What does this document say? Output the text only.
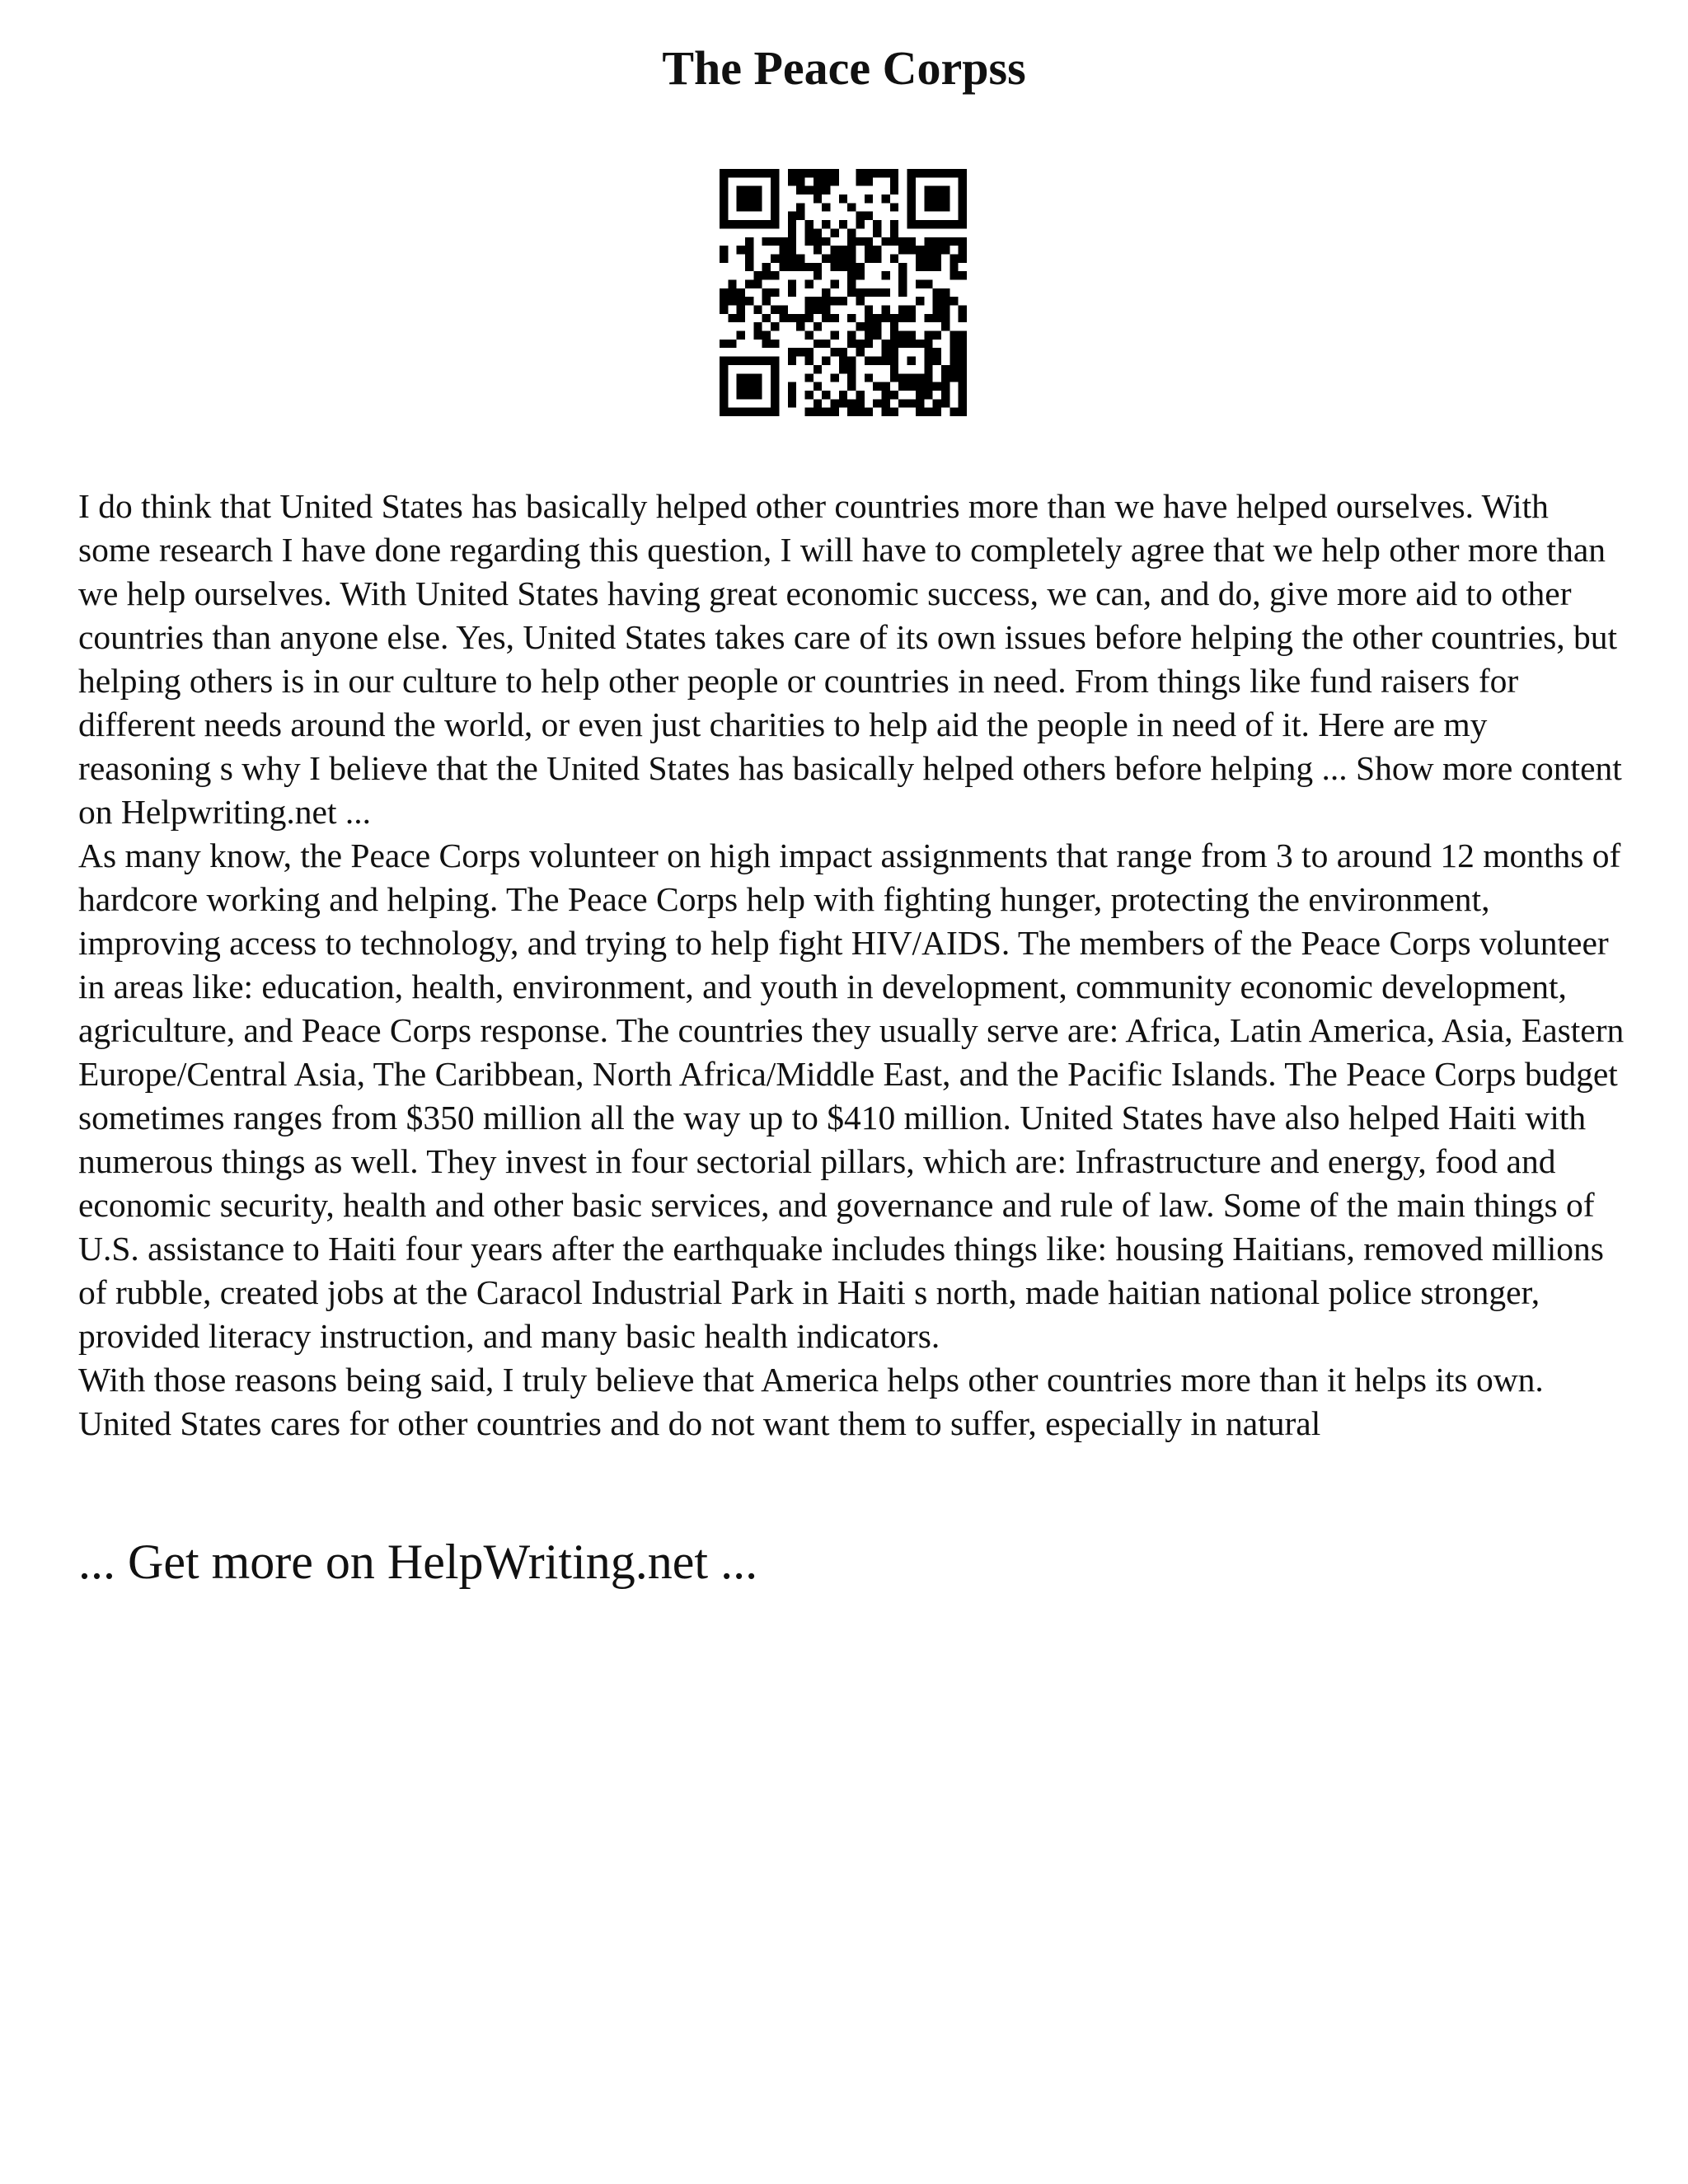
The Peace Corpss

I do think that United States has basically helped other countries more than we have helped ourselves. With some research I have done regarding this question, I will have to completely agree that we help other more than we help ourselves. With United States having great economic success, we can, and do, give more aid to other countries than anyone else. Yes, United States takes care of its own issues before helping the other countries, but helping others is in our culture to help other people or countries in need. From things like fund raisers for different needs around the world, or even just charities to help aid the people in need of it. Here are my reasoning s why I believe that the United States has basically helped others before helping ... Show more content on Helpwriting.net ...

As many know, the Peace Corps volunteer on high impact assignments that range from 3 to around 12 months of hardcore working and helping. The Peace Corps help with fighting hunger, protecting the environment, improving access to technology, and trying to help fight HIV/AIDS. The members of the Peace Corps volunteer in areas like: education, health, environment, and youth in development, community economic development, agriculture, and Peace Corps response. The countries they usually serve are: Africa, Latin America, Asia, Eastern Europe/Central Asia, The Caribbean, North Africa/Middle East, and the Pacific Islands. The Peace Corps budget sometimes ranges from $350 million all the way up to $410 million. United States have also helped Haiti with numerous things as well. They invest in four sectorial pillars, which are: Infrastructure and energy, food and economic security, health and other basic services, and governance and rule of law. Some of the main things of U.S. assistance to Haiti four years after the earthquake includes things like: housing Haitians, removed millions of rubble, created jobs at the Caracol Industrial Park in Haiti s north, made haitian national police stronger, provided literacy instruction, and many basic health indicators.

With those reasons being said, I truly believe that America helps other countries more than it helps its own. United States cares for other countries and do not want them to suffer, especially in natural

... Get more on HelpWriting.net ...
